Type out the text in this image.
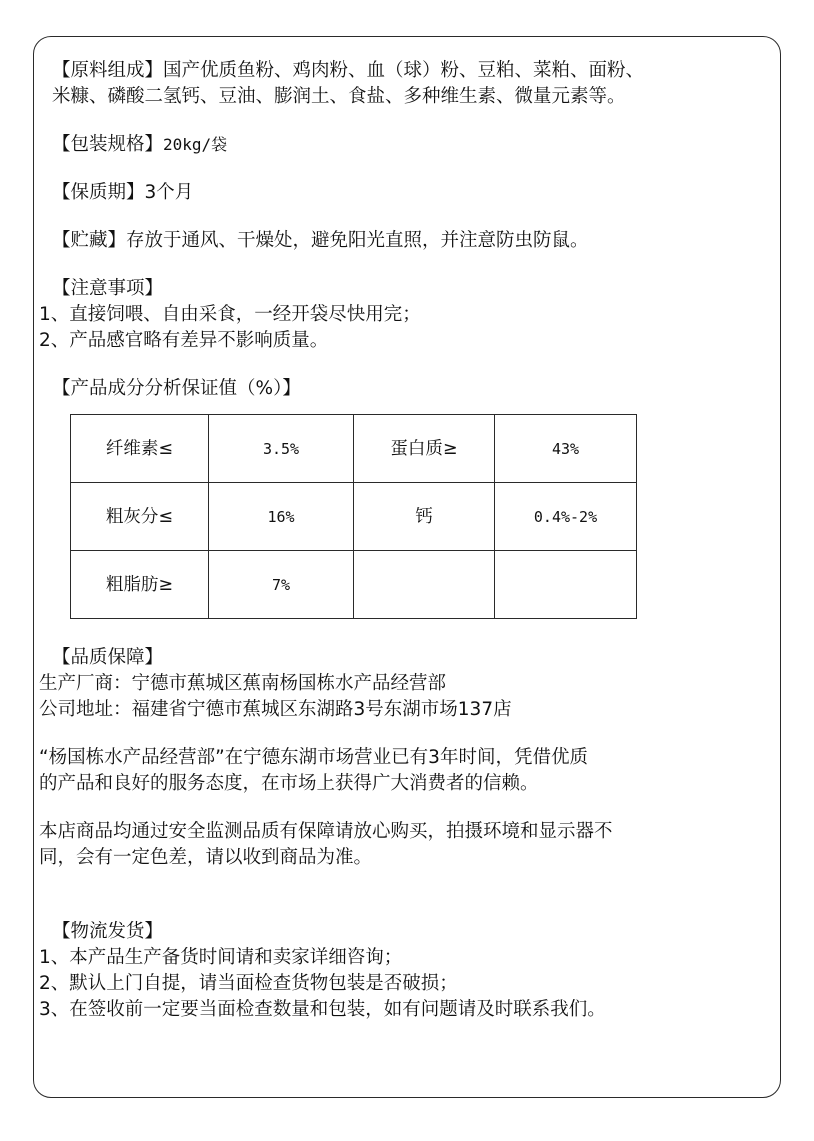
【原料组成】国产优质鱼粉、鸡肉粉、血（球）粉、豆粕、菜粕、面粉、
米糠、磷酸二氢钙、豆油、膨润土、食盐、多种维生素、微量元素等。
【包装规格】20kg/袋
【保质期】3个月
【贮藏】存放于通风、干燥处，避免阳光直照，并注意防虫防鼠。
【注意事项】
1、直接饲喂、自由采食，一经开袋尽快用完；
2、产品感官略有差异不影响质量。
【产品成分分析保证值（%）】
纤维素≤	3.5%	蛋白质≥	43%
粗灰分≤	16%	钙	0.4%-2%
粗脂肪≥	7%		
【品质保障】
生产厂商：宁德市蕉城区蕉南杨国栋水产品经营部
公司地址：福建省宁德市蕉城区东湖路3号东湖市场137店
“杨国栋水产品经营部”在宁德东湖市场营业已有3年时间，凭借优质
的产品和良好的服务态度，在市场上获得广大消费者的信赖。
本店商品均通过安全监测品质有保障请放心购买，拍摄环境和显示器不
同，会有一定色差，请以收到商品为准。
【物流发货】
1、本产品生产备货时间请和卖家详细咨询；
2、默认上门自提，请当面检查货物包装是否破损；
3、在签收前一定要当面检查数量和包装，如有问题请及时联系我们。
